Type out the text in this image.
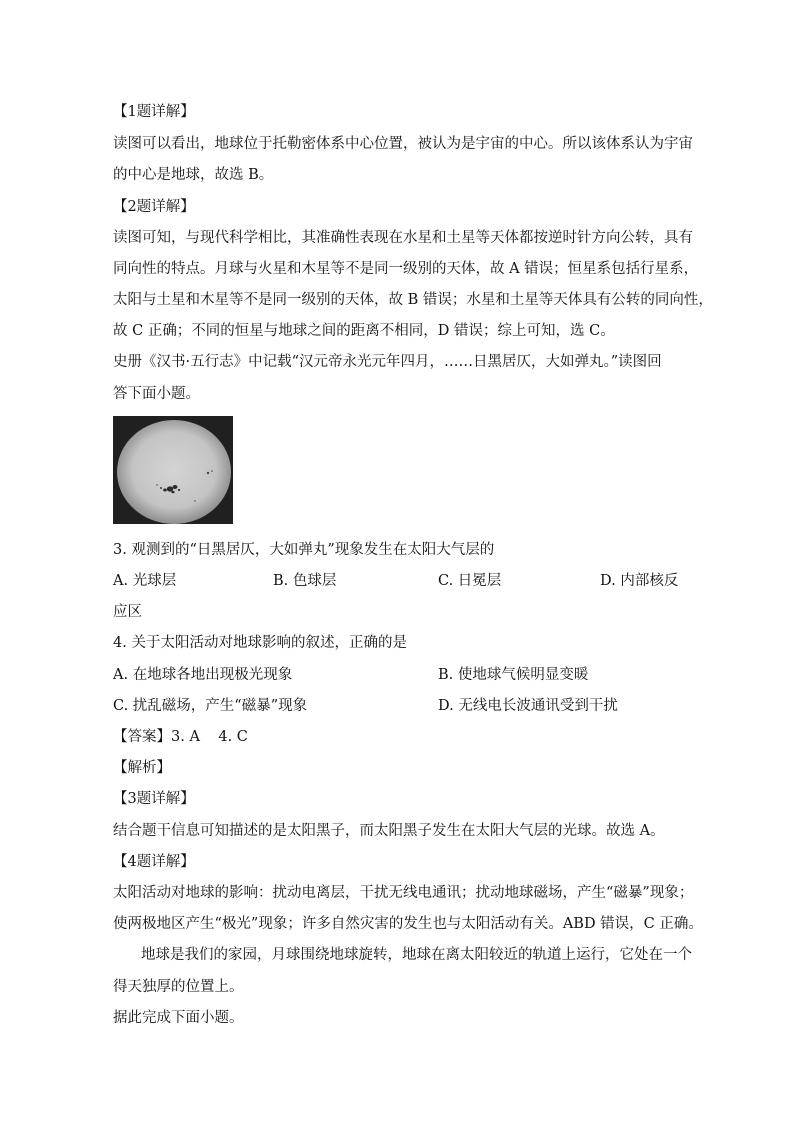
【1题详解】
读图可以看出，地球位于托勒密体系中心位置，被认为是宇宙的中心。所以该体系认为宇宙
的中心是地球，故选 B。
【2题详解】
读图可知，与现代科学相比，其准确性表现在水星和土星等天体都按逆时针方向公转，具有
同向性的特点。月球与火星和木星等不是同一级别的天体，故 A 错误；恒星系包括行星系，
太阳与土星和木星等不是同一级别的天体，故 B 错误；水星和土星等天体具有公转的同向性，
故 C 正确；不同的恒星与地球之间的距离不相同，D 错误；综上可知，选 C。
史册《汉书·五行志》中记载“汉元帝永光元年四月，……日黑居仄，大如弹丸。”读图回
答下面小题。
3. 观测到的“日黑居仄，大如弹丸”现象发生在太阳大气层的
A. 光球层	B. 色球层	C. 日冕层	D. 内部核反
应区
4. 关于太阳活动对地球影响的叙述，正确的是
A. 在地球各地出现极光现象	B. 使地球气候明显变暖
C. 扰乱磁场，产生“磁暴”现象	D. 无线电长波通讯受到干扰
【答案】3. A    4. C
【解析】
【3题详解】
结合题干信息可知描述的是太阳黑子，而太阳黑子发生在太阳大气层的光球。故选 A。
【4题详解】
太阳活动对地球的影响：扰动电离层，干扰无线电通讯；扰动地球磁场，产生“磁暴”现象；
使两极地区产生“极光”现象；许多自然灾害的发生也与太阳活动有关。ABD 错误，C 正确。
地球是我们的家园，月球围绕地球旋转，地球在离太阳较近的轨道上运行，它处在一个
得天独厚的位置上。
据此完成下面小题。
